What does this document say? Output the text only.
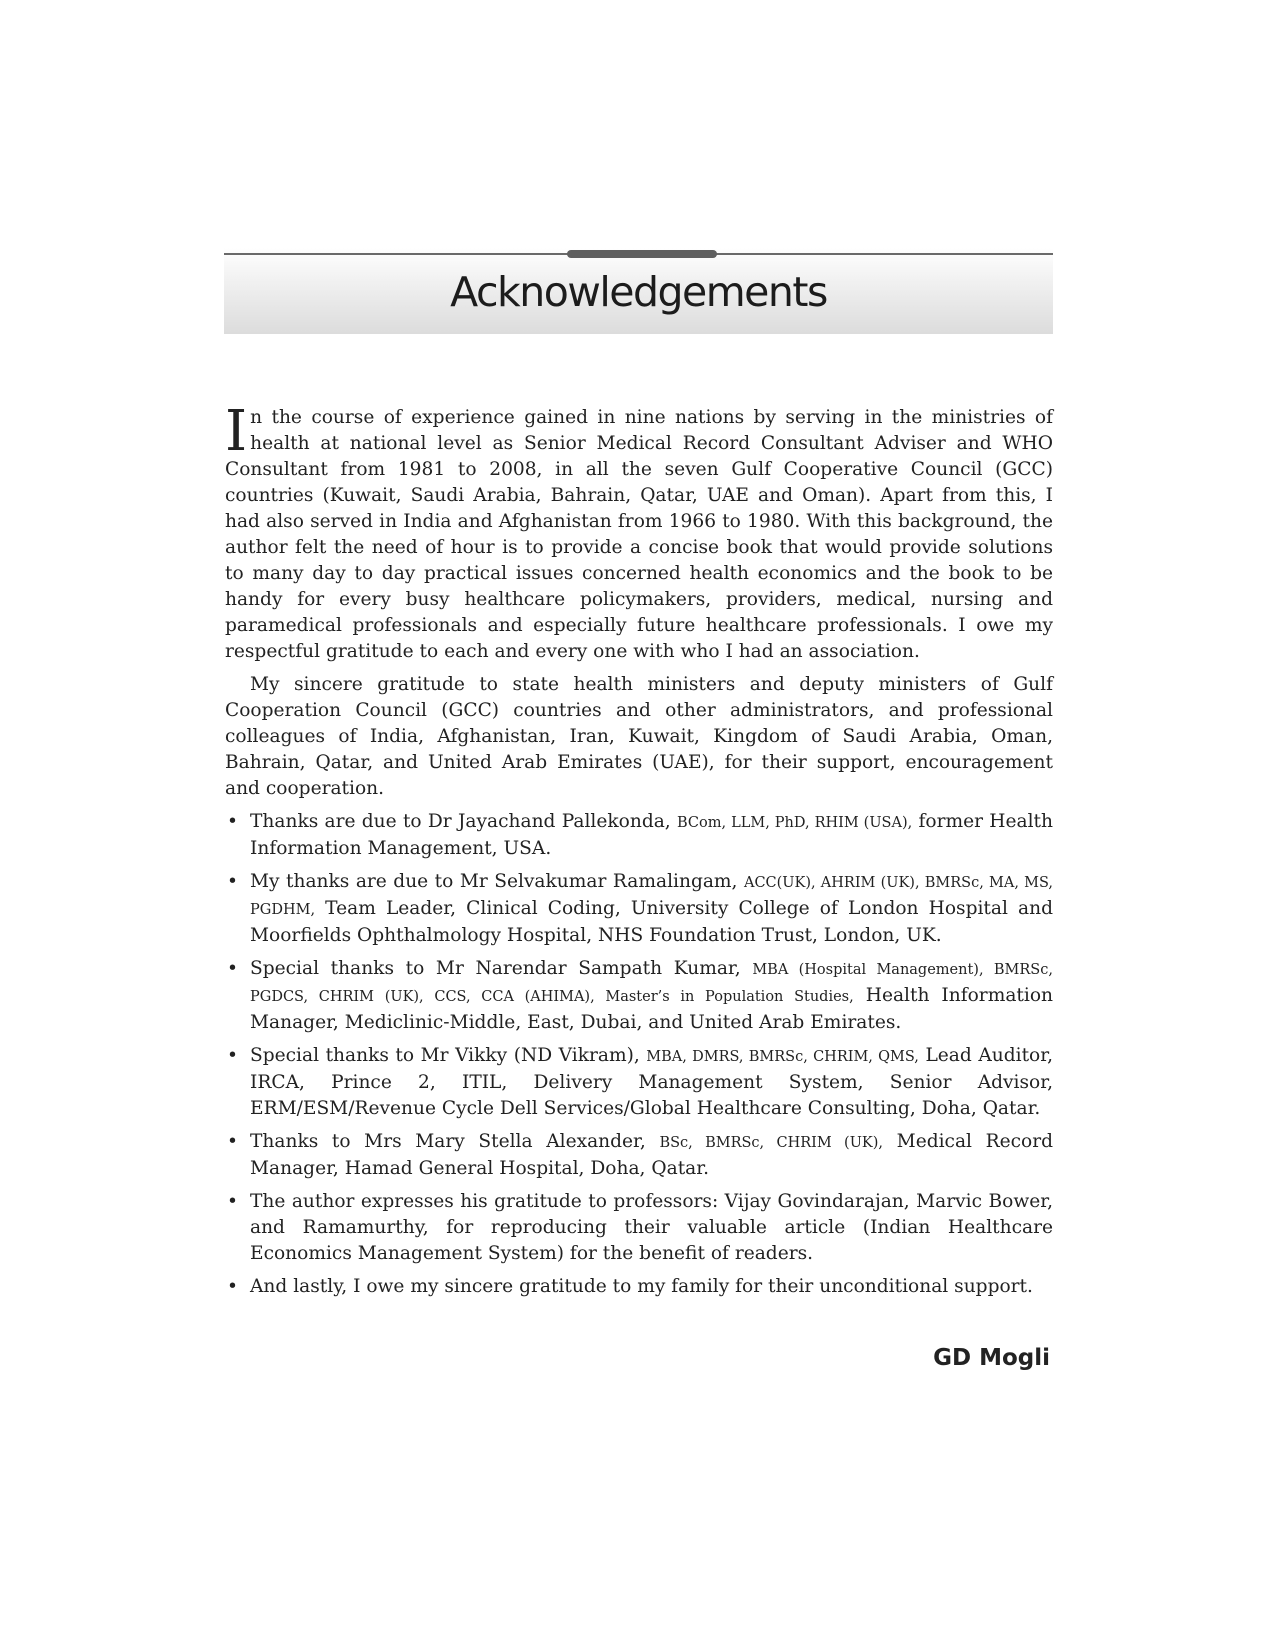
Acknowledgements

In the course of experience gained in nine nations by serving in the ministries of health at national level as Senior Medical Record Consultant Adviser and WHO Consultant from 1981 to 2008, in all the seven Gulf Cooperative Council (GCC) countries (Kuwait, Saudi Arabia, Bahrain, Qatar, UAE and Oman). Apart from this, I had also served in India and Afghanistan from 1966 to 1980. With this background, the author felt the need of hour is to provide a concise book that would provide solutions to many day to day practical issues concerned health economics and the book to be handy for every busy healthcare policymakers, providers, medical, nursing and paramedical professionals and especially future healthcare professionals. I owe my respectful gratitude to each and every one with who I had an association.

My sincere gratitude to state health ministers and deputy ministers of Gulf Cooperation Council (GCC) countries and other administrators, and professional colleagues of India, Afghanistan, Iran, Kuwait, Kingdom of Saudi Arabia, Oman, Bahrain, Qatar, and United Arab Emirates (UAE), for their support, encouragement and cooperation.

• Thanks are due to Dr Jayachand Pallekonda, BCom, LLM, PhD, RHIM (USA), former Health Information Management, USA.
• My thanks are due to Mr Selvakumar Ramalingam, ACC(UK), AHRIM (UK), BMRSc, MA, MS, PGDHM, Team Leader, Clinical Coding, University College of London Hospital and Moorfields Ophthalmology Hospital, NHS Foundation Trust, London, UK.
• Special thanks to Mr Narendar Sampath Kumar, MBA (Hospital Management), BMRSc, PGDCS, CHRIM (UK), CCS, CCA (AHIMA), Master’s in Population Studies, Health Information Manager, Mediclinic-Middle, East, Dubai, and United Arab Emirates.
• Special thanks to Mr Vikky (ND Vikram), MBA, DMRS, BMRSc, CHRIM, QMS, Lead Auditor, IRCA, Prince 2, ITIL, Delivery Management System, Senior Advisor, ERM/ESM/Revenue Cycle Dell Services/Global Healthcare Consulting, Doha, Qatar.
• Thanks to Mrs Mary Stella Alexander, BSc, BMRSc, CHRIM (UK), Medical Record Manager, Hamad General Hospital, Doha, Qatar.
• The author expresses his gratitude to professors: Vijay Govindarajan, Marvic Bower, and Ramamurthy, for reproducing their valuable article (Indian Healthcare Economics Management System) for the benefit of readers.
• And lastly, I owe my sincere gratitude to my family for their unconditional support.
GD Mogli
